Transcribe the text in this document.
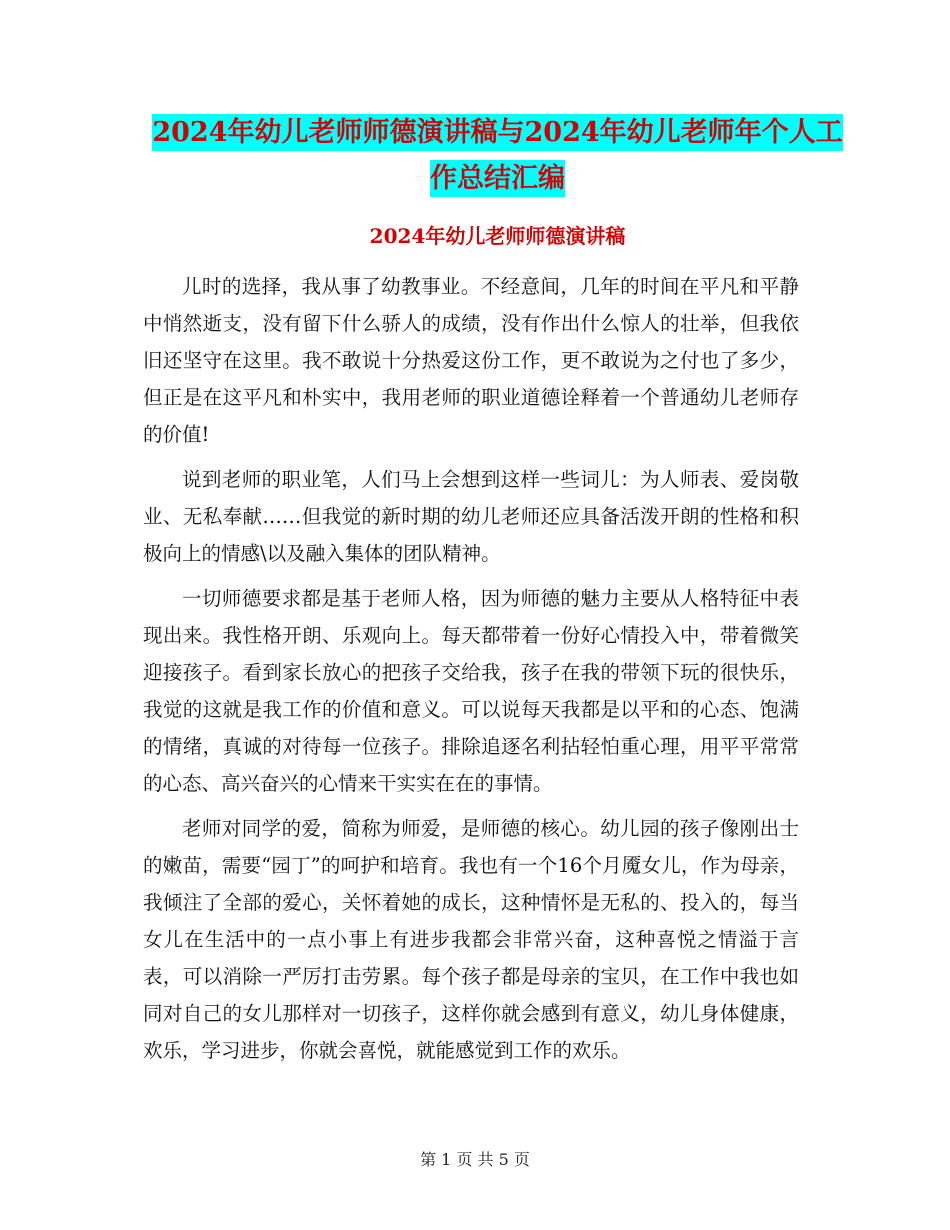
2024年幼儿老师师德演讲稿与2024年幼儿老师年个人工作总结汇编
2024年幼儿老师师德演讲稿

儿时的选择，我从事了幼教事业。不经意间，几年的时间在平凡和平静中悄然逝支，没有留下什么骄人的成绩，没有作出什么惊人的壮举，但我依旧还坚守在这里。我不敢说十分热爱这份工作，更不敢说为之付也了多少，但正是在这平凡和朴实中，我用老师的职业道德诠释着一个普通幼儿老师存的价值!

说到老师的职业笔，人们马上会想到这样一些词儿：为人师表、爱岗敬业、无私奉献……但我觉的新时期的幼儿老师还应具备活泼开朗的性格和积极向上的情感\以及融入集体的团队精神。

一切师德要求都是基于老师人格，因为师德的魅力主要从人格特征中表现出来。我性格开朗、乐观向上。每天都带着一份好心情投入中，带着微笑迎接孩子。看到家长放心的把孩子交给我，孩子在我的带领下玩的很快乐，我觉的这就是我工作的价值和意义。可以说每天我都是以平和的心态、饱满的情绪，真诚的对待每一位孩子。排除追逐名利拈轻怕重心理，用平平常常的心态、高兴奋兴的心情来干实实在在的事情。

老师对同学的爱，简称为师爱，是师德的核心。幼儿园的孩子像刚出士的嫩苗，需要“园丁”的呵护和培育。我也有一个16个月魇女儿，作为母亲，我倾注了全部的爱心，关怀着她的成长，这种情怀是无私的、投入的，每当女儿在生活中的一点小事上有进步我都会非常兴奋，这种喜悦之情溢于言表，可以消除一严厉打击劳累。每个孩子都是母亲的宝贝，在工作中我也如同对自己的女儿那样对一切孩子，这样你就会感到有意义，幼儿身体健康，欢乐，学习进步，你就会喜悦，就能感觉到工作的欢乐。

第 1 页 共 5 页
